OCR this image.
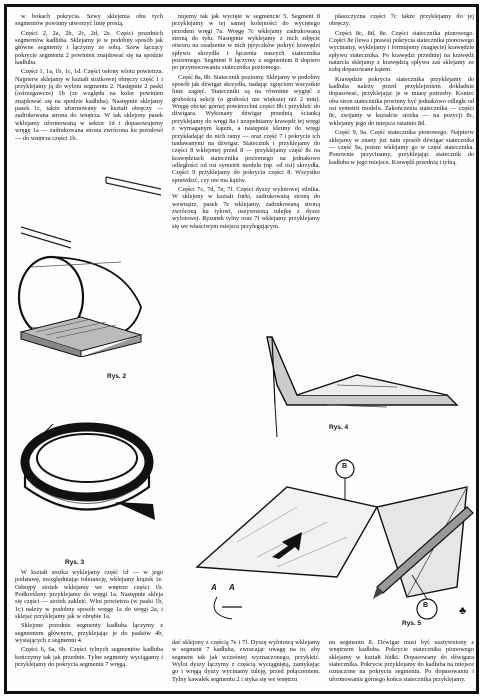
w bokach pokrycia. Szwy sklejenia obu tych segmentów powinny utworzyć linię prostą.

Części 2, 2a, 2b, 2c, 2d, 2e. Części przednich segmentów kadłuba. Sklejamy je w podobny sposób jak główne segmenty i łączymy ze sobą. Szew łączący pokrycie segmentu 2 powinien znajdować się na spodzie kadłuba.

Części 1, 1a, 1b, 1c, 1d. Części osłony wlotu powietrza. Najpierw sklejamy w kształt stożkowej obręczy część 1 i przyklejamy ją do wylotu segmentu 2. Następnie 2 paski (ostrzegawcze) 1b (ze względu na kolor powinien znajdować się na spodzie kadłuba). Następnie sklejamy pasek 1c, także uformowany w kształt obręczy — zadrukowana strona do wnętrza. W tak sklejony pasek wklejamy uformowaną w sektor 1d i dopasowujemy wręgę 1a — zadrukowana strona zwrócona ku przodowi — do wnętrza części 1b.

Rys. 2
Rys. 3

W kształt stożka wyklejamy część 1d — w jego podstawę, uwzględniając tolerancję, wklejamy krążek 1e. Odstępy stożek wklejamy we wnętrze części 1b. Podkreślony przyklejamy do wręgi 1a. Następnie skleja się części — stożek zakleić. Wlot powietrza (w paski 1b, 1c) należy w podobny sposób wręgę 1a do wręgi 2a, i sklejać przyklejamy jak w obrębie 1a.

Sklejone przednie segmenty kadłuba łączymy z segmentem głównym, przyklejając je do pasków 4b, wystających z segmentu 4.

Części 6, 6a, 6b. Części tylnych segmentów kadłuba kończymy tak jak przednie. Tylne segmenty wyciągamy i przyklejamy do pokrycia segmentu 7 wręgą.

nujemy tak jak wycięte w segmencie 5. Segment 8 przyklejamy w tej samej kolejności do wyciętego przodem wręgi 7a. Wręgę 7c wklejamy zadrukowaną stroną do tyłu. Następnie wyklejamy z nich zdjęcie otworu na osadzenie w nich języczków pokryć krawędzi spływu skrzydła i łączenia naszych statecznika poziomego. Segment 9 łączymy z segmentem 8 dopiero po przymocowaniu statecznika poziomego.

Część 8a, 8b. Statecznik poziomy. Sklejamy w podobny sposób jak dźwigar skrzydła, nadając zgięciom wszystkie linie zagięć. Stateczniki są na równinie wygięć z grubością sekcji (o grubości nie większej niż 2 mm). Wręgę obcięć górnej powierzchni części 8b i przykleić do dźwigara. Wykonany dźwigar przednią ścianką przyklejamy do wręgi 8a i uzupełniamy krawędź tej wręgi z wymaganym kątem, a następnie kleimy do wręgi przykładając do nich ramy — oraz część 7 i pokrycie ich nadawanymi na dźwigar. Statecznik i przyklejamy do części 8 wklejonej przed 8 — przyklejamy część 8c na krawędziach statecznika poziomego na jednakowo odległości od osi symetrii modelu (np. od osi) skrzydła. Części 9 przyklejamy do pokrycia części 8. Wszystko sprawdzić, czy nie ma kątów.

Części 7c, 7d, 7e, 7f. Części dyszy wylotowej silnika. W sklejony w kształt furki, zadrukowaną stroną do wewnątrz, pasek 7e wklejamy, zadrukowaną stroną zwróconą ku tyłowi, uszywnioną tulejkę z dysze wylotowej. Rysunek tylny oraz 7f wklejamy przyklejamy się we właściwym miejscu przylegającym.

płaszczyzna części 7c także przyklejamy do jej obręczy.

Części 8c, 8d, 8e. Części statecznika pionowego. Części 8e (lewa i prawa) pokrycia statecznika pionowego wycinamy, wyklejamy i formujemy (nagięcie) krawędzie spływu statecznika. Po krawędzi przedniej na krawędź natarcia sklejamy z krawędzią spływu zaś sklejamy ze sobą dopasowane kątem.

Krawędzie pokrycia statecznika przyklejamy do kadłuba należy przed przyklejeniem dokładnie dopasować, przyklejając je w miarę potrzeby. Koniec obu stron statecznika powinny być jednakowo odległe od osi symetrii modelu. Zakończenia statecznika — części 8c, zwijamy w kształcie stożka — na pozycji 8c, wklejamy jego do miejsca ostatnio 8d.

Część 9, 9a. Część statecznika pionowego. Najpierw sklejamy w znany już nam sposób dźwigar statecznika — część 9a, potem wklejamy go w część statecznika. Ponownie przycinamy, przyklejając statecznik do kadłuba w jego miejscu. Krawędź przednią i tylną.

Rys. 4
B
B
A A
Rys. 5
♣
dać sklejony z częścią 7e i 7f. Dyszę wylotową wklejamy w segment 7 kadłuba, zwracając uwagę na to, aby segment tak jak wcześniej wyznaczonego, przykleić. Wylot dyszy łączymy z częścią wyciągniętą, zamykając go i wręgą dyszy wycinamy tuleję, przed połączeniem. Tylny kawałek segmentu 2 i styka się we wnętrzu
nu segmentu 8. Dźwigar musi być usztywniony z wnętrzem kadłuba. Pokrycie statecznika pionowego sklejamy w kształt łódki. Dopasowany do dźwigara statecznika. Pokrycie przyklejamy do kadłuba na miejsce oznaczone na pokryciu segmentu. Po dopasowaniu i uformowaniu górnego końca statecznika przyklejamy.
